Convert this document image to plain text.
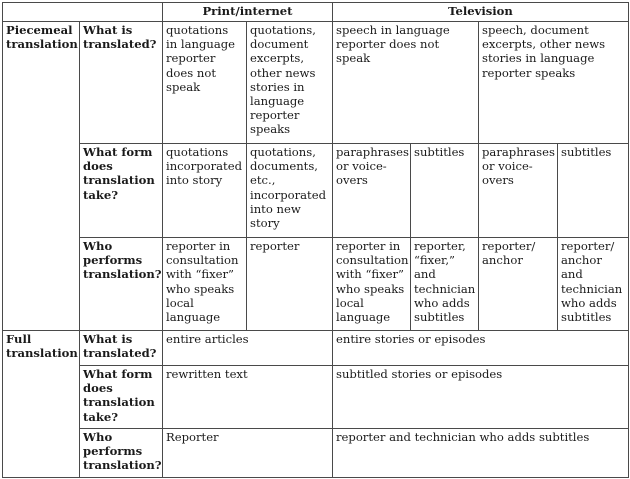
		Print/internet		Television			
Piecemeal translation	What is translated?	quotations in language reporter does not speak	quotations, document excerpts, other news stories in language reporter speaks	speech in language reporter does not speak		speech, document excerpts, other news stories in language reporter speaks	
	What form does translation take?	quotations incorporated into story	quotations, documents, etc., incorporated into new story	paraphrases or voice-overs	subtitles	paraphrases or voice-overs	subtitles
	Who performs translation?	reporter in consultation with “fixer” who speaks local language	reporter	reporter in consultation with “fixer” who speaks local language	reporter, “fixer,” and technician who adds subtitles	reporter/ anchor	reporter/ anchor and technician who adds subtitles
Full translation	What is translated?	entire articles		entire stories or episodes			
	What form does translation take?	rewritten text		subtitled stories or episodes			
	Who performs translation?	Reporter		reporter and technician who adds subtitles			
